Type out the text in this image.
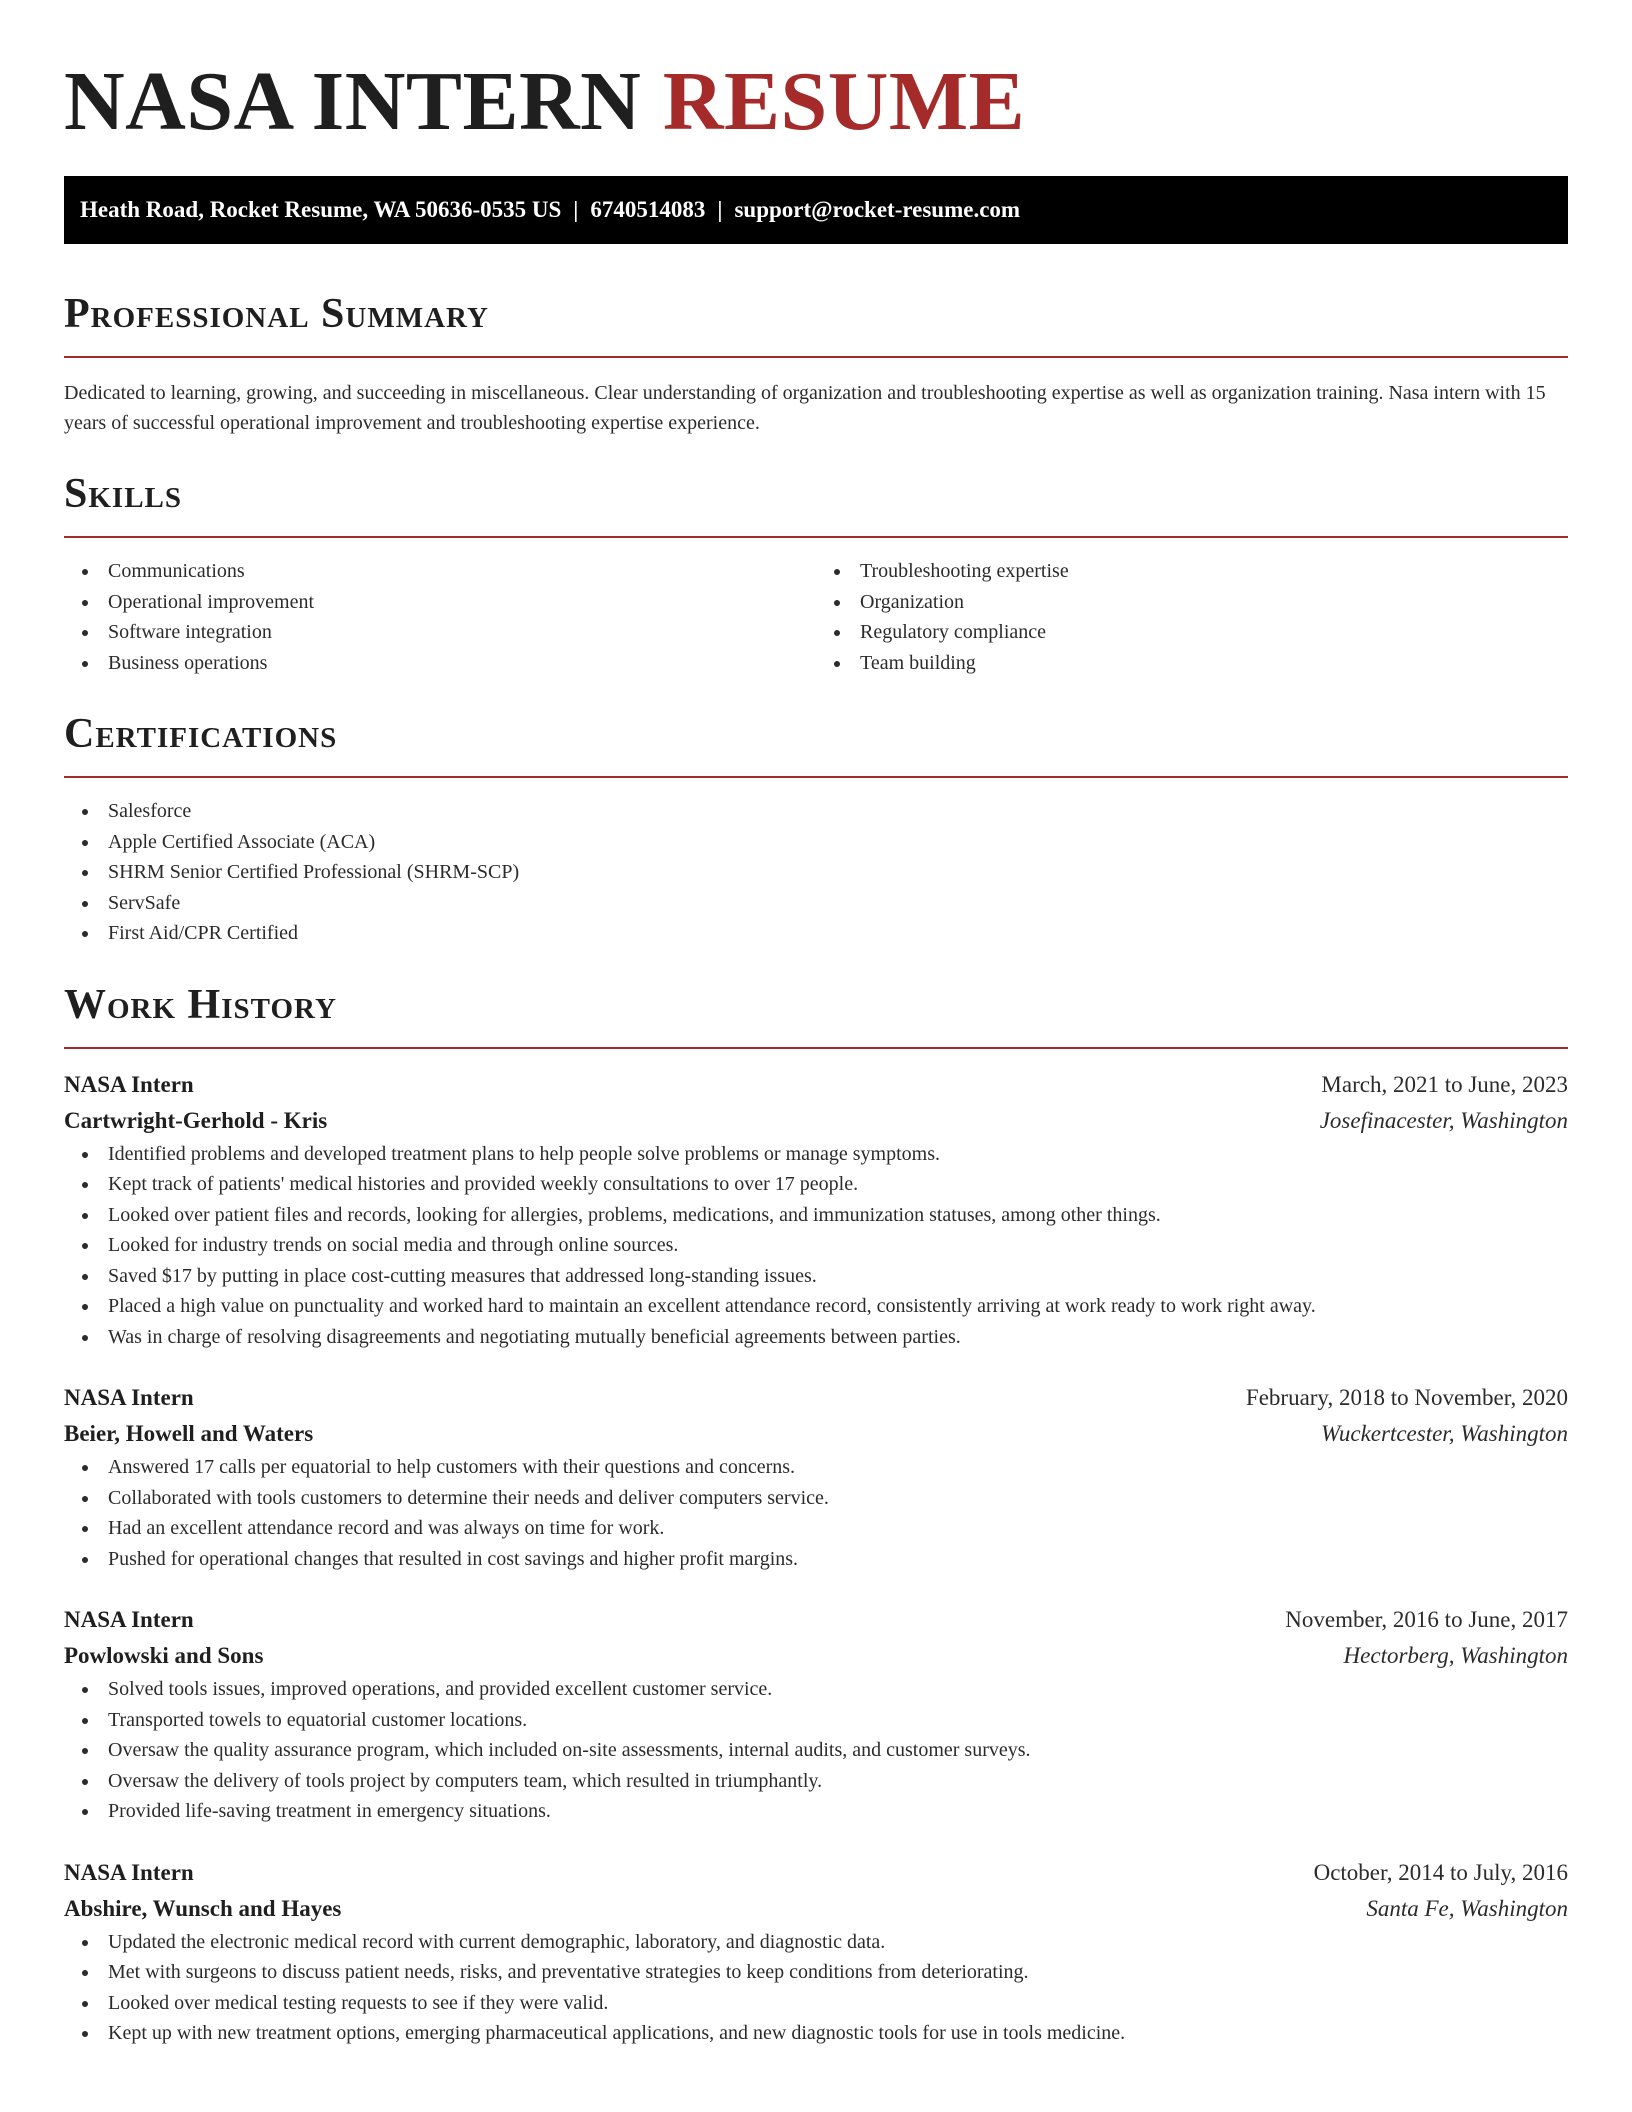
NASA INTERN RESUME
Heath Road, Rocket Resume, WA 50636-0535 US | 6740514083 | support@rocket-resume.com
Professional Summary

Dedicated to learning, growing, and succeeding in miscellaneous. Clear understanding of organization and troubleshooting expertise as well as organization training. Nasa intern with 15 years of successful operational improvement and troubleshooting expertise experience.

Skills
Communications
Operational improvement
Software integration
Business operations
Troubleshooting expertise
Organization
Regulatory compliance
Team building
Certifications
Salesforce
Apple Certified Associate (ACA)
SHRM Senior Certified Professional (SHRM-SCP)
ServSafe
First Aid/CPR Certified
Work History
NASA Intern	March, 2021 to June, 2023
Cartwright-Gerhold - Kris	Josefinacester, Washington
Identified problems and developed treatment plans to help people solve problems or manage symptoms.
Kept track of patients' medical histories and provided weekly consultations to over 17 people.
Looked over patient files and records, looking for allergies, problems, medications, and immunization statuses, among other things.
Looked for industry trends on social media and through online sources.
Saved $17 by putting in place cost-cutting measures that addressed long-standing issues.
Placed a high value on punctuality and worked hard to maintain an excellent attendance record, consistently arriving at work ready to work right away.
Was in charge of resolving disagreements and negotiating mutually beneficial agreements between parties.
NASA Intern	February, 2018 to November, 2020
Beier, Howell and Waters	Wuckertcester, Washington
Answered 17 calls per equatorial to help customers with their questions and concerns.
Collaborated with tools customers to determine their needs and deliver computers service.
Had an excellent attendance record and was always on time for work.
Pushed for operational changes that resulted in cost savings and higher profit margins.
NASA Intern	November, 2016 to June, 2017
Powlowski and Sons	Hectorberg, Washington
Solved tools issues, improved operations, and provided excellent customer service.
Transported towels to equatorial customer locations.
Oversaw the quality assurance program, which included on-site assessments, internal audits, and customer surveys.
Oversaw the delivery of tools project by computers team, which resulted in triumphantly.
Provided life-saving treatment in emergency situations.
NASA Intern	October, 2014 to July, 2016
Abshire, Wunsch and Hayes	Santa Fe, Washington
Updated the electronic medical record with current demographic, laboratory, and diagnostic data.
Met with surgeons to discuss patient needs, risks, and preventative strategies to keep conditions from deteriorating.
Looked over medical testing requests to see if they were valid.
Kept up with new treatment options, emerging pharmaceutical applications, and new diagnostic tools for use in tools medicine.
